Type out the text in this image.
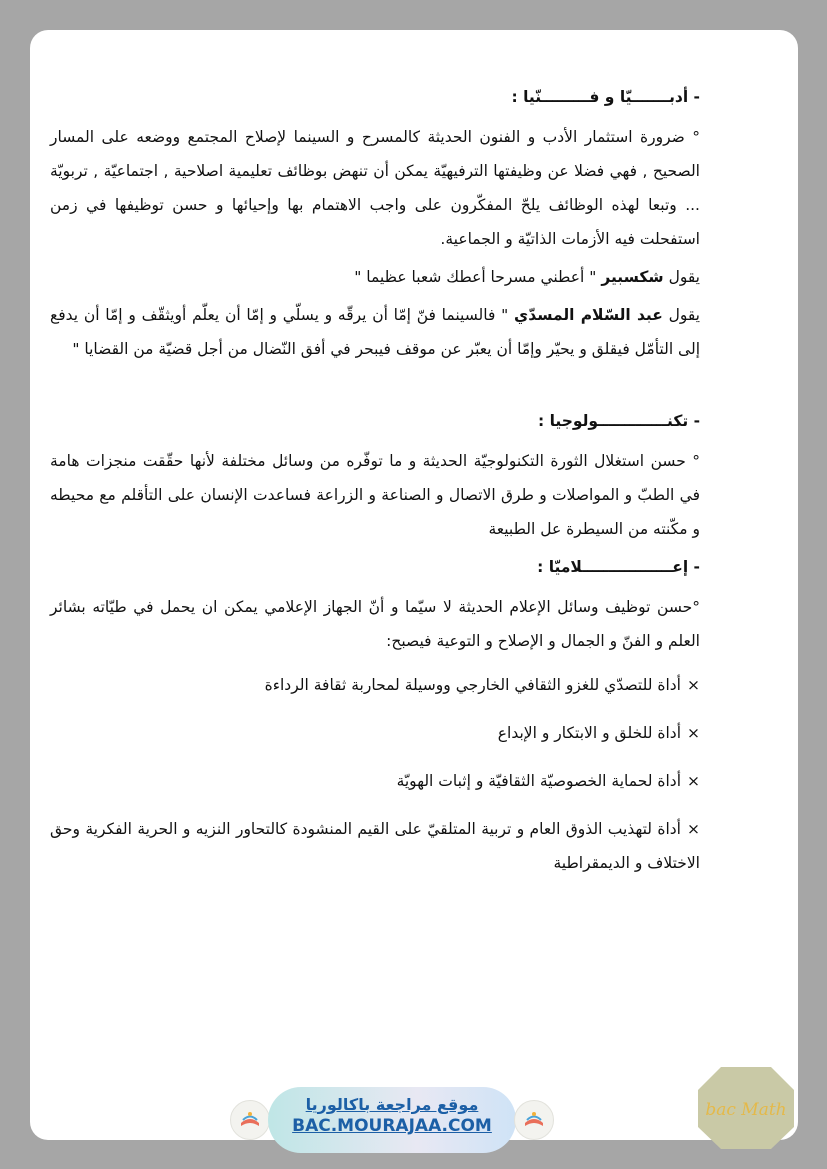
- أدبـــــــيّا و فـــــــــنّيا :

° ضرورة استثمار الأدب و الفنون الحديثة كالمسرح و السينما لإصلاح المجتمع ووضعه على المسار الصحيح , فهي فضلا عن وظيفتها الترفيهيّة يمكن أن تنهض بوظائف تعليمية اصلاحية , اجتماعيّة , تربويّة ... وتبعا لهذه الوظائف يلحّ المفكّرون على واجب الاهتمام بها وإحيائها و حسن توظيفها في زمن استفحلت فيه الأزمات الذاتيّة و الجماعية.

يقول شكسبير " أعطني مسرحا أعطك شعبا عظيما "

يقول عبد السّلام المسدّي " فالسينما فنّ إمّا أن يرقّه و يسلّي و إمّا أن يعلّم أويثقّف و إمّا أن يدفع إلى التأمّل فيقلق و يحيّر وإمّا أن يعبّر عن موقف فيبحر في أفق النّضال من أجل قضيّة من القضايا "

- تكنـــــــــــــولوجيا :

° حسن استغلال الثورة التكنولوجيّة الحديثة و ما توفّره من وسائل مختلفة لأنها حقّقت منجزات هامة في الطبّ و المواصلات و طرق الاتصال و الصناعة و الزراعة فساعدت الإنسان على التأقلم مع محيطه و مكّنته من السيطرة عل الطبيعة

- إعـــــــــــــــــلاميّا :

°حسن توظيف وسائل الإعلام الحديثة لا سيّما و أنّ الجهاز الإعلامي يمكن ان يحمل في طيّاته بشائر العلم و الفنّ و الجمال و الإصلاح و التوعية فيصبح:

×أداة للتصدّي للغزو الثقافي الخارجي ووسيلة لمحاربة ثقافة الرداءة
×أداة للخلق و الابتكار و الإبداع
×أداة لحماية الخصوصيّة الثقافيّة و إثبات الهويّة
×أداة لتهذيب الذوق العام و تربية المتلقيّ على القيم المنشودة كالتحاور النزيه و الحرية الفكرية وحق الاختلاف و الديمقراطية
موقع مراجعة باكالوريا
BAC.MOURAJAA.COM
bac Math
